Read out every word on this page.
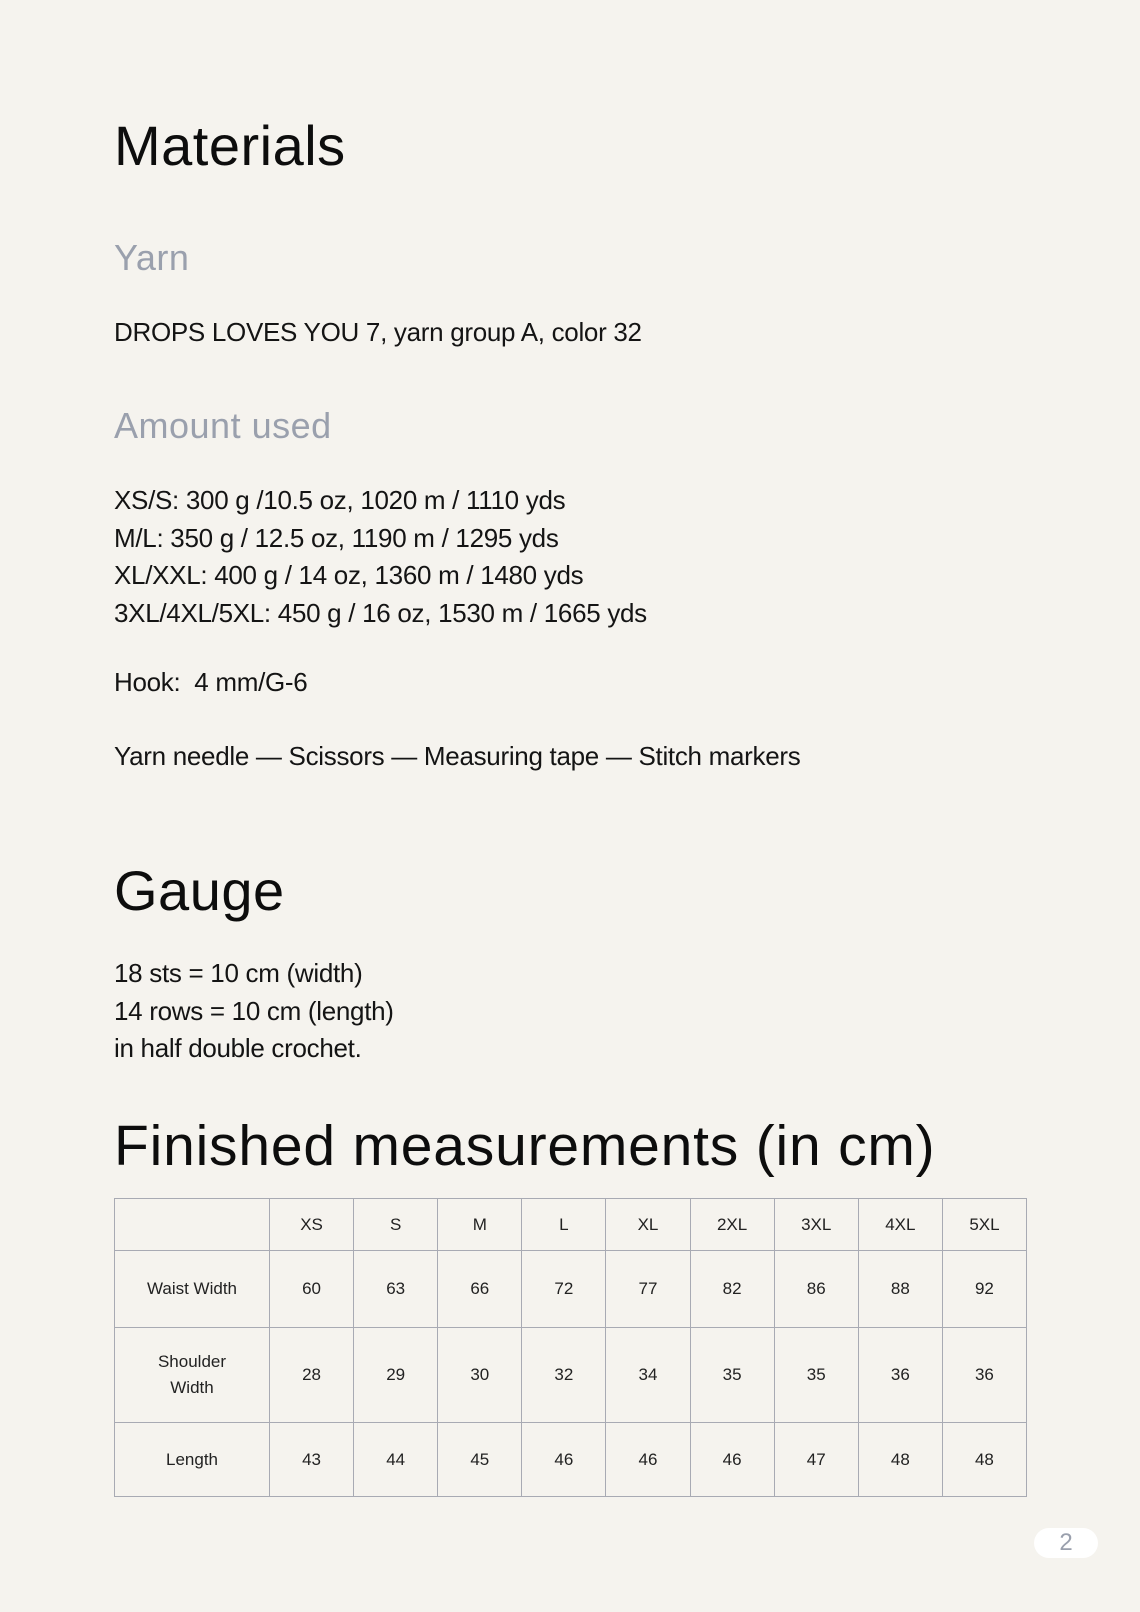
Materials
Yarn

DROPS LOVES YOU 7, yarn group A, color 32

Amount used
XS/S: 300 g /10.5 oz, 1020 m / 1110 yds
M/L: 350 g / 12.5 oz, 1190 m / 1295 yds
XL/XXL: 400 g / 14 oz, 1360 m / 1480 yds
3XL/4XL/5XL: 450 g / 16 oz, 1530 m / 1665 yds

Hook:  4 mm/G-6

Yarn needle — Scissors — Measuring tape — Stitch markers

Gauge
18 sts = 10 cm (width)
14 rows = 10 cm (length)
in half double crochet.
Finished measurements (in cm)
	XS	S	M	L	XL	2XL	3XL	4XL	5XL
Waist Width	60	63	66	72	77	82	86	88	92

Shoulder
Width	28	29	30	32	34	35	35	36	36
Length	43	44	45	46	46	46	47	48	48
2
